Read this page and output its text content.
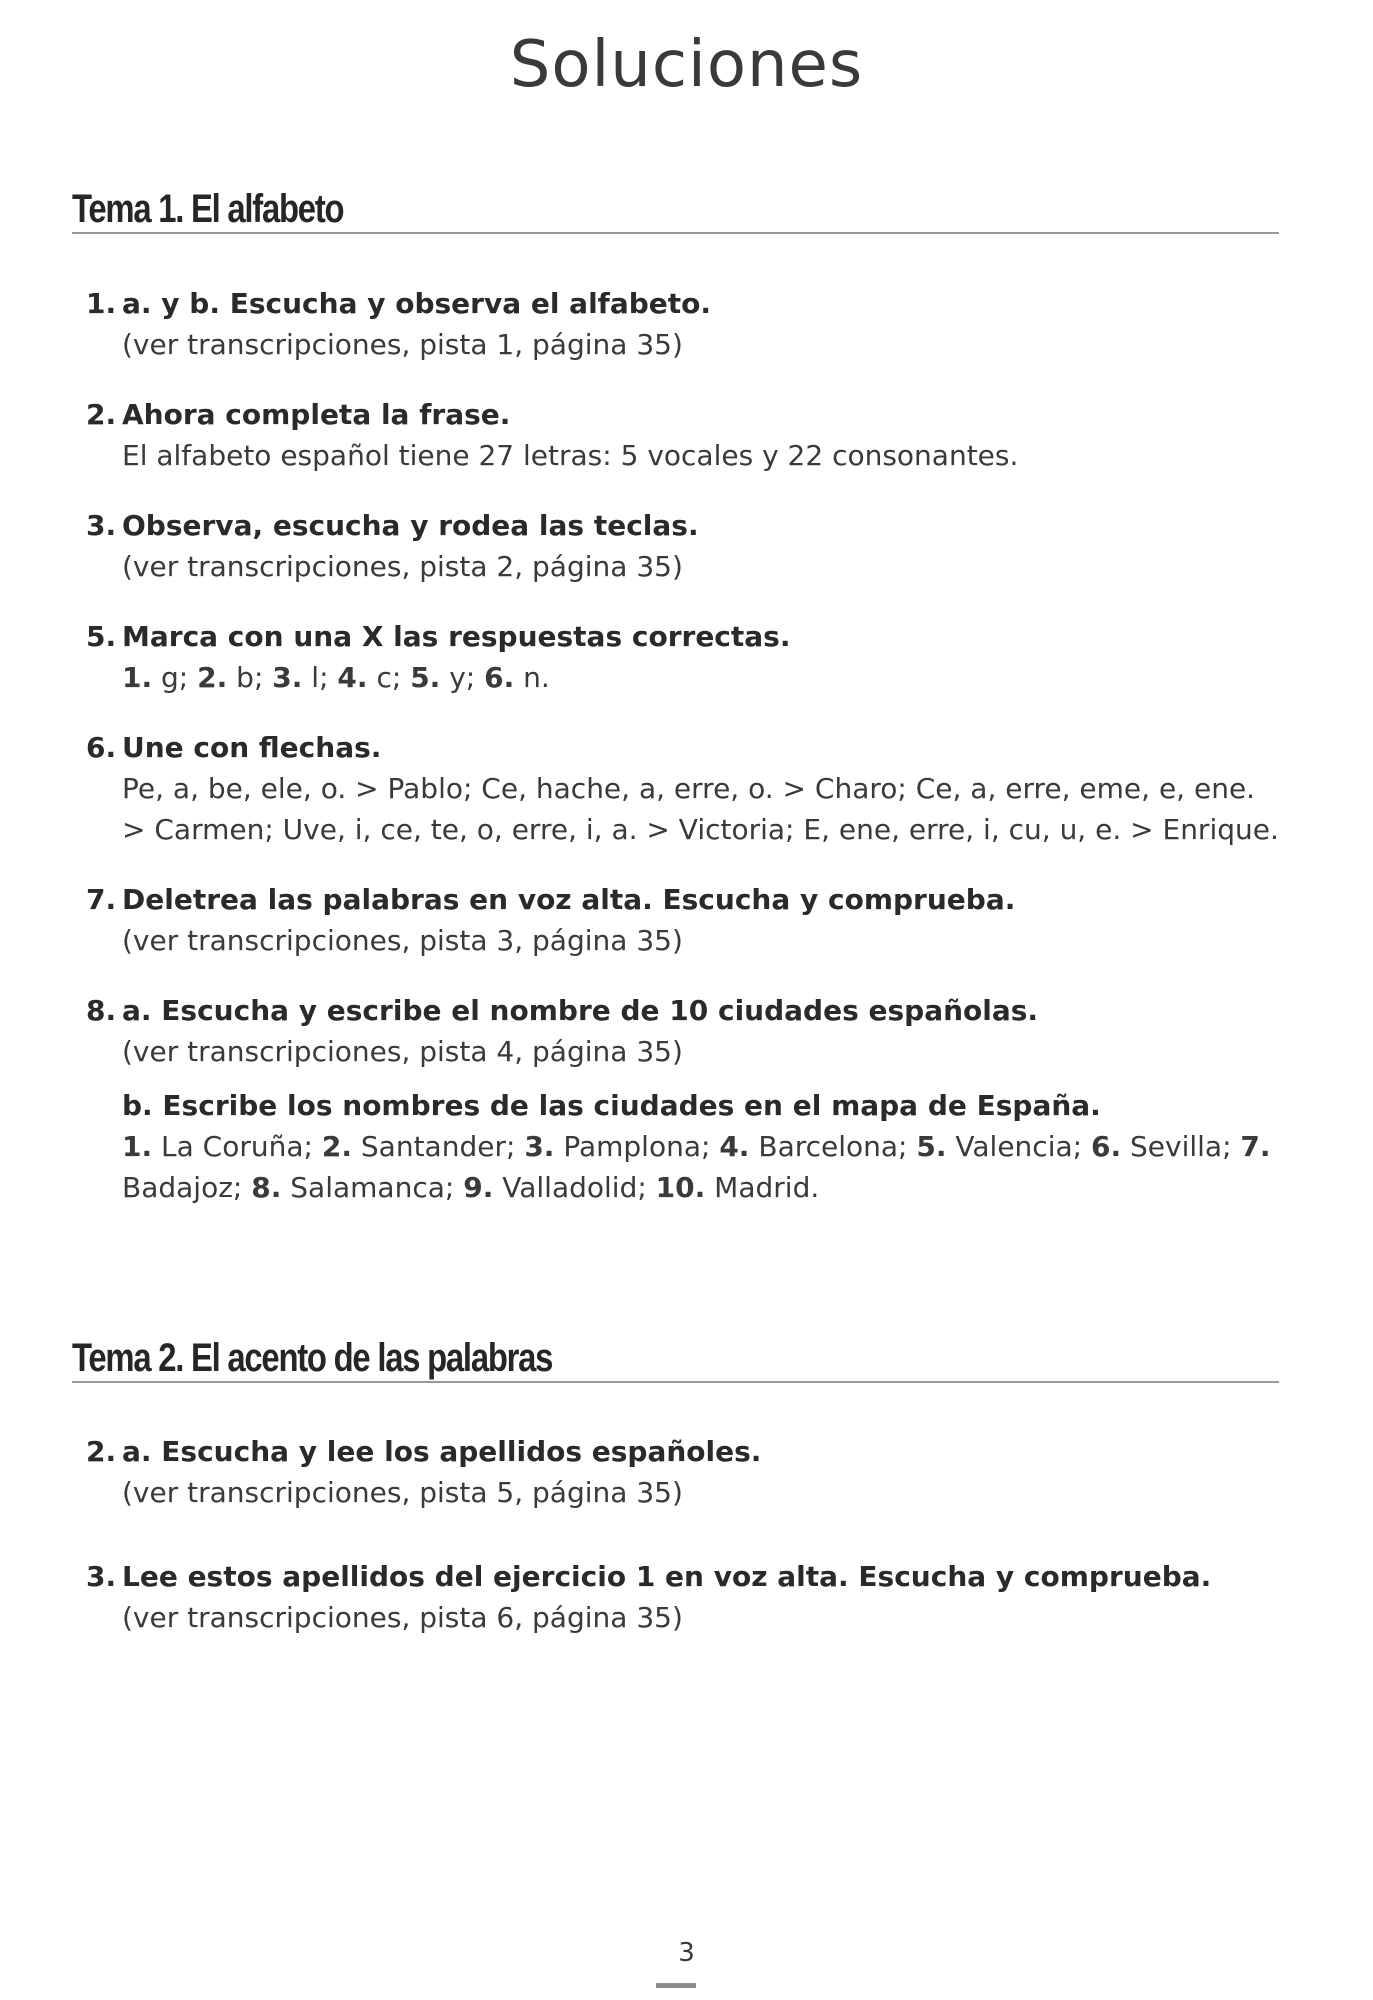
Soluciones
Tema 1. El alfabeto
1. a. y b. Escucha y observa el alfabeto.
(ver transcripciones, pista 1, página 35)
2. Ahora completa la frase.
El alfabeto español tiene 27 letras: 5 vocales y 22 consonantes.
3. Observa, escucha y rodea las teclas.
(ver transcripciones, pista 2, página 35)
5. Marca con una X las respuestas correctas.
1. g; 2. b; 3. l; 4. c; 5. y; 6. n.
6. Une con flechas.
Pe, a, be, ele, o. > Pablo; Ce, hache, a, erre, o. > Charo; Ce, a, erre, eme, e, ene. > Carmen; Uve, i, ce, te, o, erre, i, a. > Victoria; E, ene, erre, i, cu, u, e. > Enrique.
7. Deletrea las palabras en voz alta. Escucha y comprueba.
(ver transcripciones, pista 3, página 35)
8. a. Escucha y escribe el nombre de 10 ciudades españolas.
(ver transcripciones, pista 4, página 35)
b. Escribe los nombres de las ciudades en el mapa de España.
1. La Coruña; 2. Santander; 3. Pamplona; 4. Barcelona; 5. Valencia; 6. Sevilla; 7. Badajoz; 8. Salamanca; 9. Valladolid; 10. Madrid.
Tema 2. El acento de las palabras
2. a. Escucha y lee los apellidos españoles.
(ver transcripciones, pista 5, página 35)
3. Lee estos apellidos del ejercicio 1 en voz alta. Escucha y comprueba.
(ver transcripciones, pista 6, página 35)
3
